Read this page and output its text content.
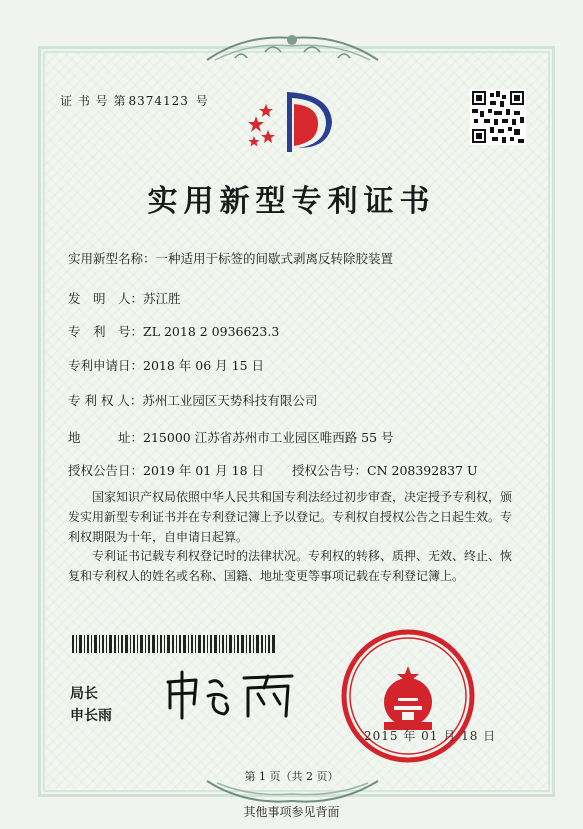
证 书 号 第 8374123 号
实用新型专利证书
实用新型名称：一种适用于标签的间歇式剥离反转除胶装置
发　明　人：苏江胜
专　利　号：ZL 2018 2 0936623.3
专利申请日：2018 年 06 月 15 日
专 利 权 人：苏州工业园区天势科技有限公司
地　　　址：215000 江苏省苏州市工业园区唯西路 55 号
授权公告日：2019 年 01 月 18 日 授权公告号：CN 208392837 U
国家知识产权局依照中华人民共和国专利法经过初步审查，决定授予专利权，颁发实用新型专利证书并在专利登记簿上予以登记。专利权自授权公告之日起生效。专利权期限为十年，自申请日起算。
专利证书记载专利权登记时的法律状况。专利权的转移、质押、无效、终止、恢复和专利权人的姓名或名称、国籍、地址变更等事项记载在专利登记簿上。
局长
申长雨
2015 年 01 月 18 日
第 1 页（共 2 页）
其他事项参见背面
